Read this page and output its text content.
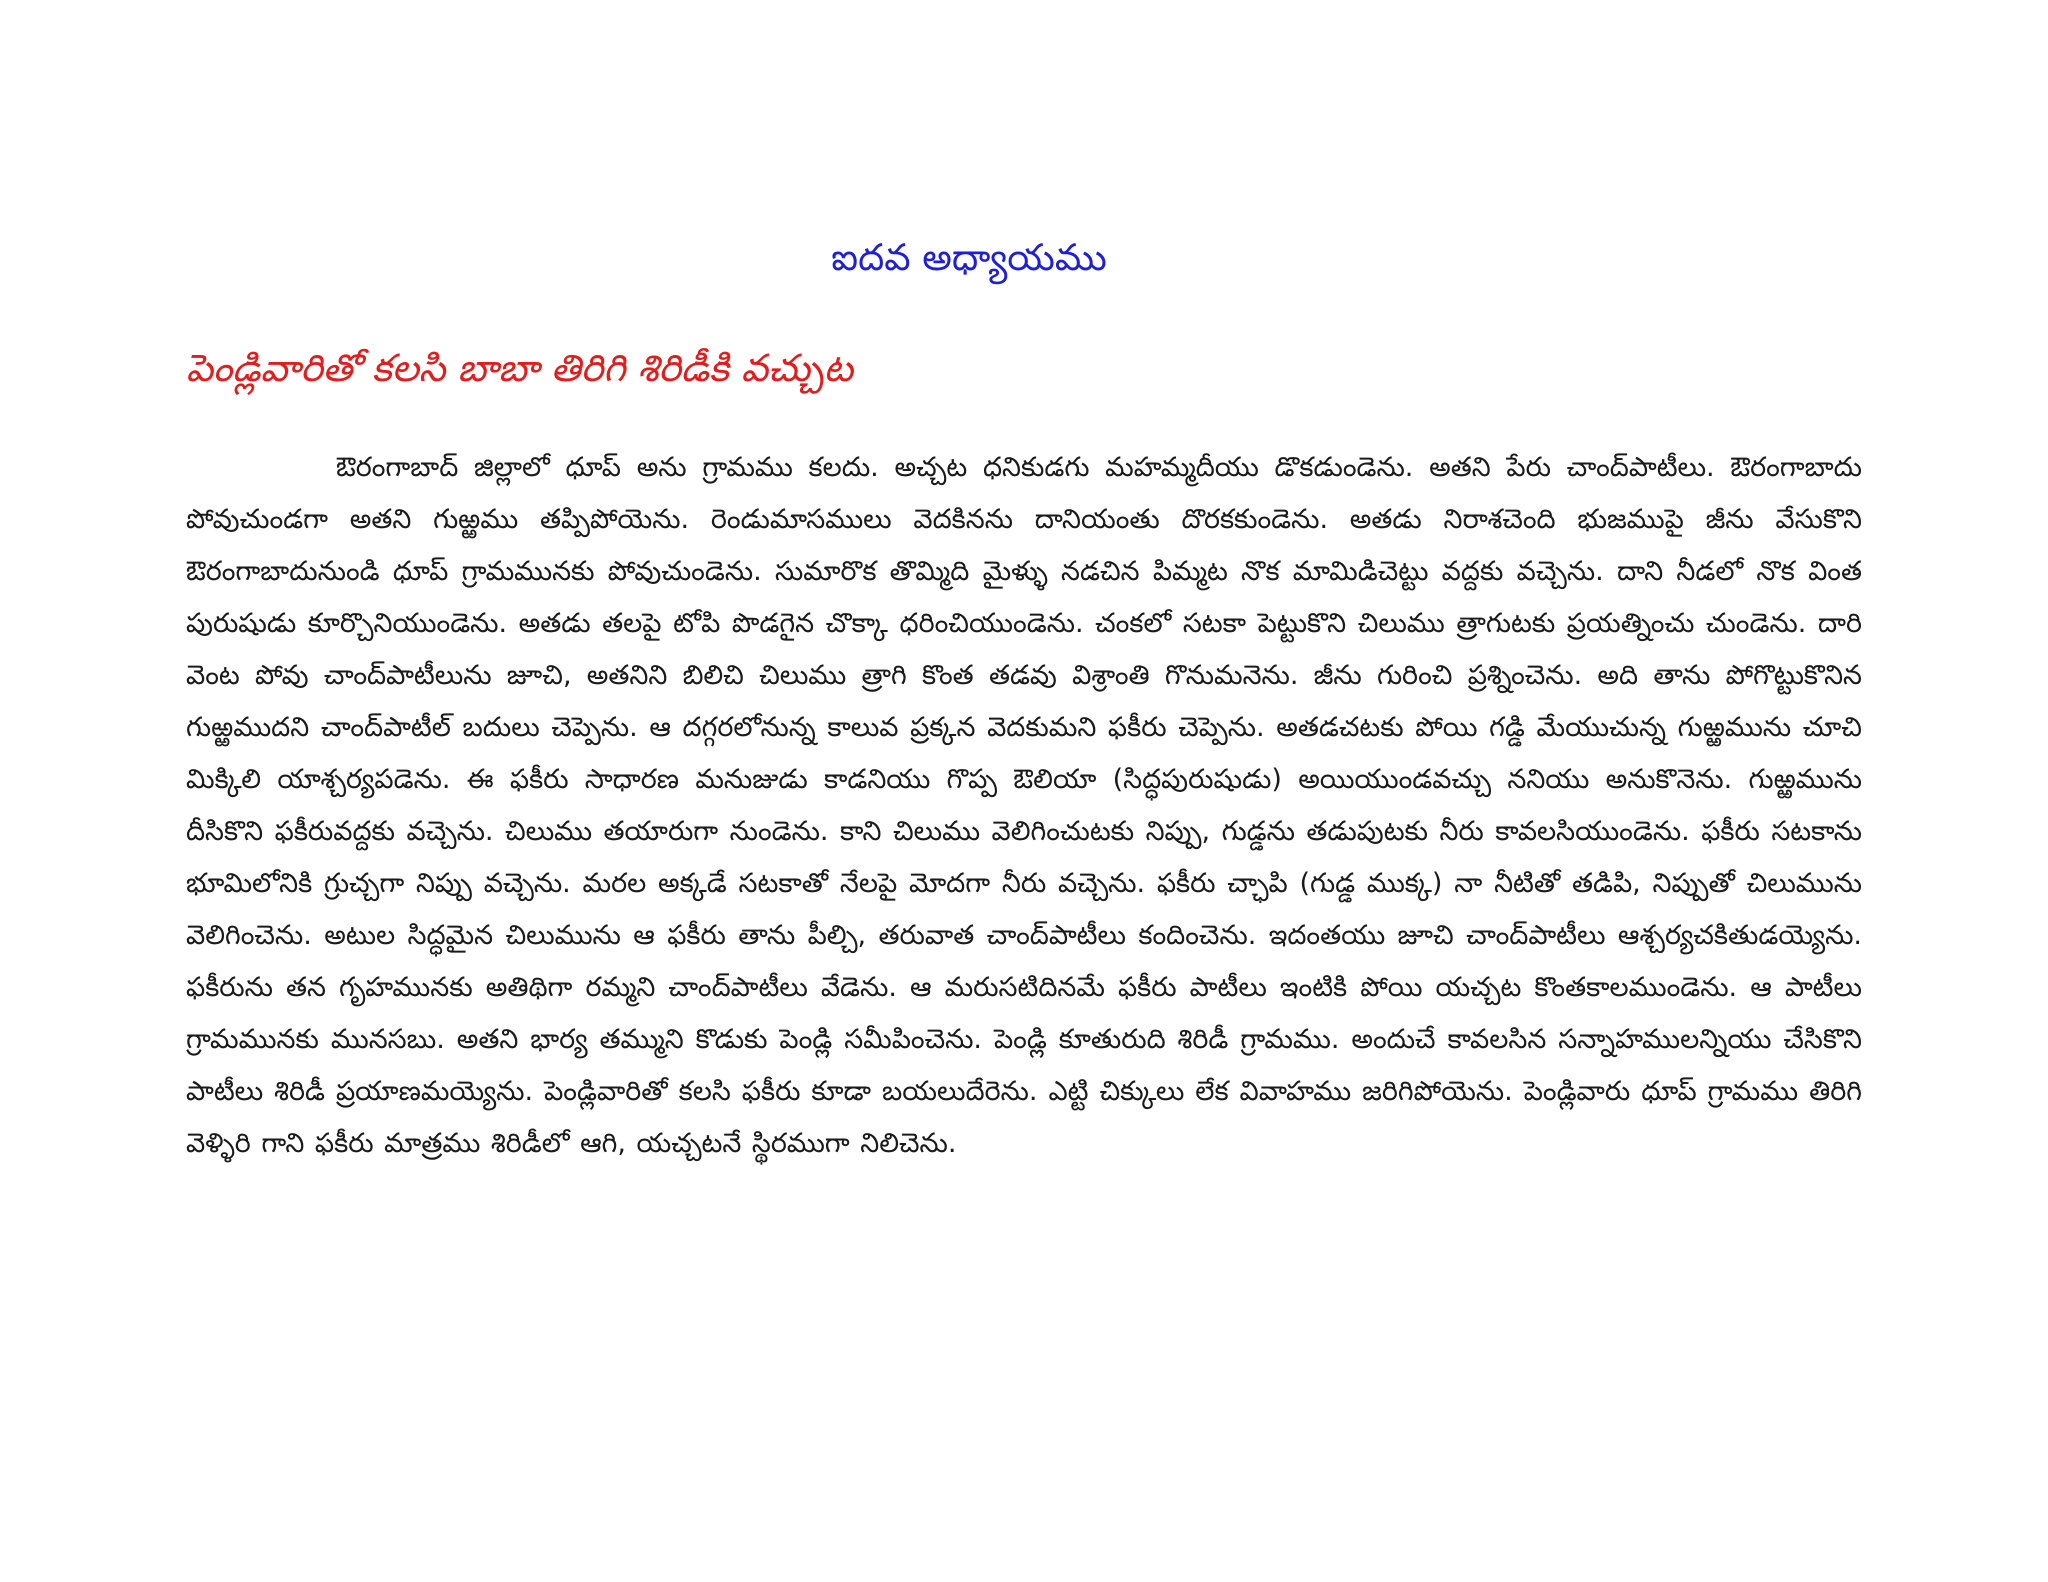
ఐదవ అధ్యాయము
పెండ్లివారితో కలసి బాబా తిరిగి శిరిడీకి వచ్చుట

ఔరంగాబాద్ జిల్లాలో ధూప్ అను గ్రామము కలదు. అచ్చట ధనికుడగు మహమ్మదీయు డొకడుండెను. అతని పేరు చాంద్‌పాటీలు. ఔరంగాబాదు పోవుచుండగా అతని గుఱ్ఱము తప్పిపోయెను. రెండుమాసములు వెదకినను దానియంతు దొరకకుండెను. అతడు నిరాశచెంది భుజముపై జీను వేసుకొని ఔరంగాబాదునుండి ధూప్ గ్రామమునకు పోవుచుండెను. సుమారొక తొమ్మిది మైళ్ళు నడచిన పిమ్మట నొక మామిడిచెట్టు వద్దకు వచ్చెను. దాని నీడలో నొక వింత పురుషుడు కూర్చొనియుండెను. అతడు తలపై టోపి పొడగైన చొక్కా ధరించియుండెను. చంకలో సటకా పెట్టుకొని చిలుము త్రాగుటకు ప్రయత్నించు చుండెను. దారి వెంట పోవు చాంద్‌పాటీలును జూచి, అతనిని బిలిచి చిలుము త్రాగి కొంత తడవు విశ్రాంతి గొనుమనెను. జీను గురించి ప్రశ్నించెను. అది తాను పోగొట్టుకొనిన గుఱ్ఱముదని చాంద్‌పాటీల్ బదులు చెప్పెను. ఆ దగ్గరలోనున్న కాలువ ప్రక్కన వెదకుమని ఫకీరు చెప్పెను. అతడచటకు పోయి గడ్డి మేయుచున్న గుఱ్ఱమును చూచి మిక్కిలి యాశ్చర్యపడెను. ఈ ఫకీరు సాధారణ మనుజుడు కాడనియు గొప్ప ఔలియా (సిద్ధపురుషుడు) అయియుండవచ్చు ననియు అనుకొనెను. గుఱ్ఱమును దీసికొని ఫకీరువద్దకు వచ్చెను. చిలుము తయారుగా నుండెను. కాని చిలుము వెలిగించుటకు నిప్పు, గుడ్డను తడుపుటకు నీరు కావలసియుండెను. ఫకీరు సటకాను భూమిలోనికి గ్రుచ్చగా నిప్పు వచ్చెను. మరల అక్కడే సటకాతో నేలపై మోదగా నీరు వచ్చెను. ఫకీరు చ్ఛాపి (గుడ్డ ముక్క) నా నీటితో తడిపి, నిప్పుతో చిలుమును వెలిగించెను. అటుల సిద్ధమైన చిలుమును ఆ ఫకీరు తాను పీల్చి, తరువాత చాంద్‌పాటీలు కందించెను. ఇదంతయు జూచి చాంద్‌పాటీలు ఆశ్చర్యచకితుడయ్యెను. ఫకీరును తన గృహమునకు అతిథిగా రమ్మని చాంద్‌పాటీలు వేడెను. ఆ మరుసటిదినమే ఫకీరు పాటీలు ఇంటికి పోయి యచ్చట కొంతకాలముండెను. ఆ పాటీలు గ్రామమునకు మునసబు. అతని భార్య తమ్ముని కొడుకు పెండ్లి సమీపించెను. పెండ్లి కూతురుది శిరిడీ గ్రామము. అందుచే కావలసిన సన్నాహములన్నియు చేసికొని పాటీలు శిరిడీ ప్రయాణమయ్యెను. పెండ్లివారితో కలసి ఫకీరు కూడా బయలుదేరెను. ఎట్టి చిక్కులు లేక వివాహము జరిగిపోయెను. పెండ్లివారు ధూప్ గ్రామము తిరిగి వెళ్ళిరి గాని ఫకీరు మాత్రము శిరిడీలో ఆగి, యచ్చటనే స్థిరముగా నిలిచెను.
